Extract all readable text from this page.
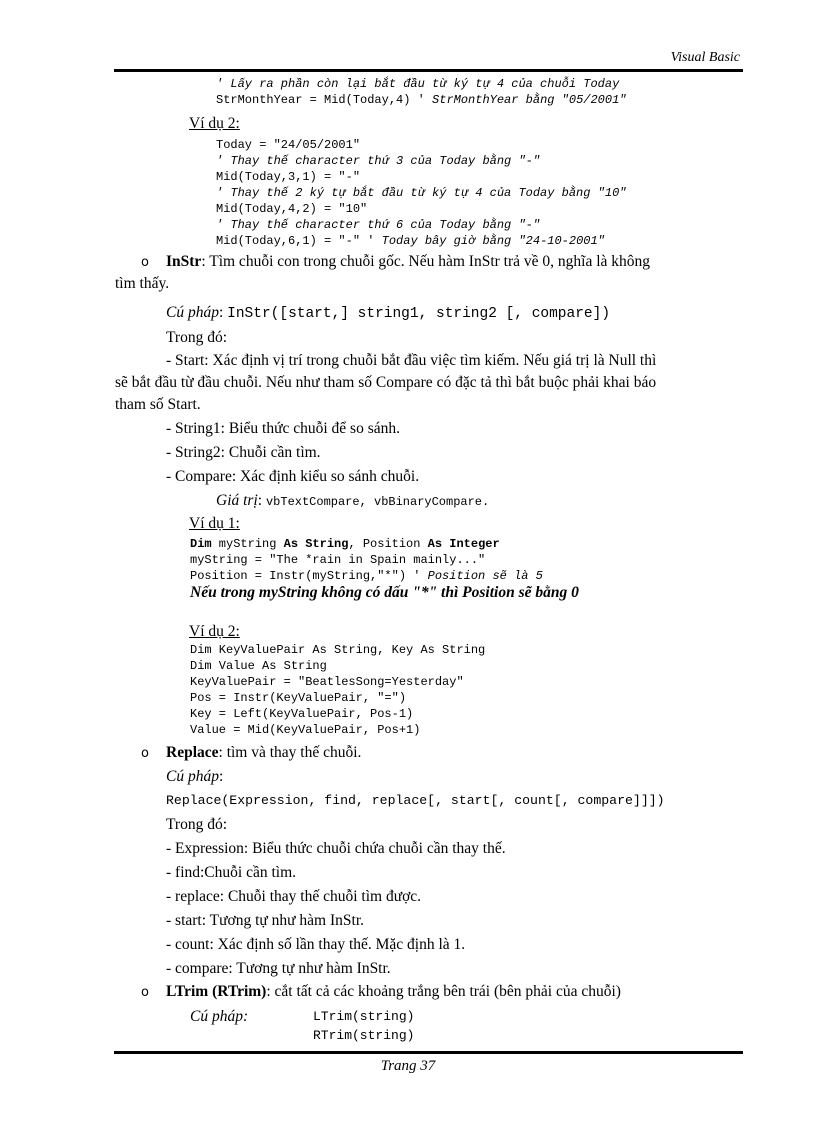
Visual Basic
' Lấy ra phần còn lại bắt đầu từ ký tự 4 của chuỗi Today
StrMonthYear = Mid(Today,4) ' StrMonthYear bằng "05/2001"
Ví dụ 2:
Today = "24/05/2001"
' Thay thế character thứ 3 của Today bằng "-"
Mid(Today,3,1) = "-"
' Thay thế 2 ký tự bắt đầu từ ký tự 4 của Today bằng "10"
Mid(Today,4,2) = "10"
' Thay thế character thứ 6 của Today bằng "-"
Mid(Today,6,1) = "-" ' Today bây giờ bằng "24-10-2001"
o InStr: Tìm chuỗi con trong chuỗi gốc. Nếu hàm InStr trả về 0, nghĩa là không
tìm thấy.
Cú pháp: InStr([start,] string1, string2 [, compare])
Trong đó:
- Start: Xác định vị trí trong chuỗi bắt đầu việc tìm kiếm. Nếu giá trị là Null thì
sẽ bắt đầu từ đầu chuỗi. Nếu như tham số Compare có đặc tả thì bắt buộc phải khai báo
tham số Start.
- String1: Biểu thức chuỗi để so sánh.
- String2: Chuỗi cần tìm.
- Compare: Xác định kiểu so sánh chuỗi.
Giá trị: vbTextCompare, vbBinaryCompare.
Ví dụ 1:
Dim myString As String, Position As Integer
myString = "The *rain in Spain mainly..."
Position = Instr(myString,"*") ' Position sẽ là 5
Nếu trong myString không có dấu "*" thì Position sẽ bằng 0
Ví dụ 2:
Dim KeyValuePair As String, Key As String
Dim Value As String
KeyValuePair = "BeatlesSong=Yesterday"
Pos = Instr(KeyValuePair, "=")
Key = Left(KeyValuePair, Pos-1)
Value = Mid(KeyValuePair, Pos+1)
o Replace: tìm và thay thế chuỗi.
Cú pháp:
Replace(Expression, find, replace[, start[, count[, compare]]])
Trong đó:
- Expression: Biểu thức chuỗi chứa chuỗi cần thay thế.
- find:Chuỗi cần tìm.
- replace: Chuỗi thay thế chuỗi tìm được.
- start: Tương tự như hàm InStr.
- count: Xác định số lần thay thế. Mặc định là 1.
- compare: Tương tự như hàm InStr.
o LTrim (RTrim): cắt tất cả các khoảng trắng bên trái (bên phải của chuỗi)
Cú pháp:	LTrim(string)
RTrim(string)
Trang 37
